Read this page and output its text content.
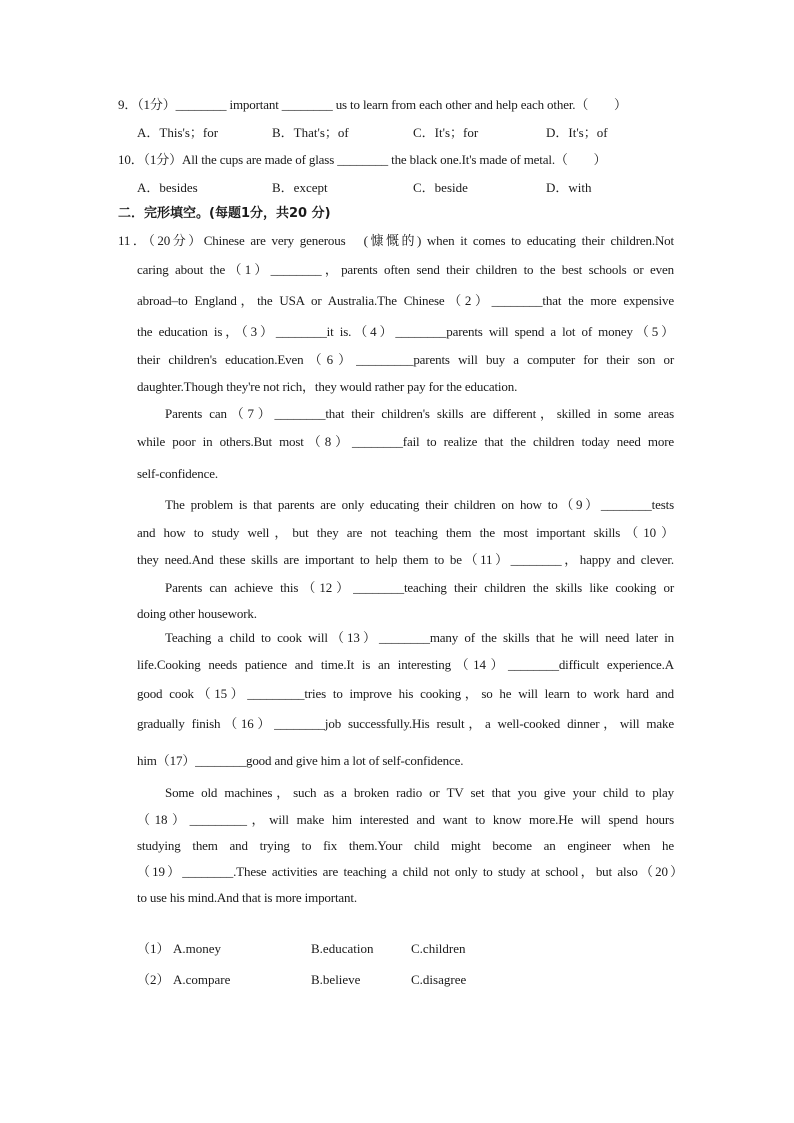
9．（1分）________ important ________ us to learn from each other and help each other.（　　）
A．This's；for	B．That's；of	C．It's；for	D．It's；of
10．（1分）All the cups are made of glass ________ the black one.It's made of metal.（　　）
A．besides	B．except	C．beside	D．with
二．完形填空。(每题1分，共20 分)
11．（20分）Chinese are very generous　(慷慨的) when it comes to educating their children.Not
caring about the（1）________，parents often send their children to the best schools or even
abroad–to England，the USA or Australia.The Chinese（2）________that the more expensive
the education is，（3）________it is.（4）________parents will spend a lot of money（5）
their children's education.Even（6）_________parents will buy a computer for their son or
daughter.Though they're not rich，they would rather pay for the education.
Parents can（7）________that their children's skills are different，skilled in some areas
while poor in others.But most（8）________fail to realize that the children today need more
self-confidence.
The problem is that parents are only educating their children on how to（9）________tests
and how to study well，but they are not teaching them the most important skills（10）
they need.And these skills are important to help them to be（11）________，happy and clever.
Parents can achieve this（12）________teaching their children the skills like cooking or
doing other housework.
Teaching a child to cook will（13）________many of the skills that he will need later in
life.Cooking needs patience and time.It is an interesting（14）________difficult experience.A
good cook（15）_________tries to improve his cooking，so he will learn to work hard and
gradually finish（16）________job successfully.His result，a well-cooked dinner，will make
him（17）________good and give him a lot of self-confidence.
Some old machines，such as a broken radio or TV set that you give your child to play
（18）_________，will make him interested and want to know more.He will spend hours
studying them and trying to fix them.Your child might become an engineer when he
（19）________.These activities are teaching a child not only to study at school，but also（20）
to use his mind.And that is more important.
（1） A.money	B.education	C.children
（2） A.compare	B.believe	C.disagree
